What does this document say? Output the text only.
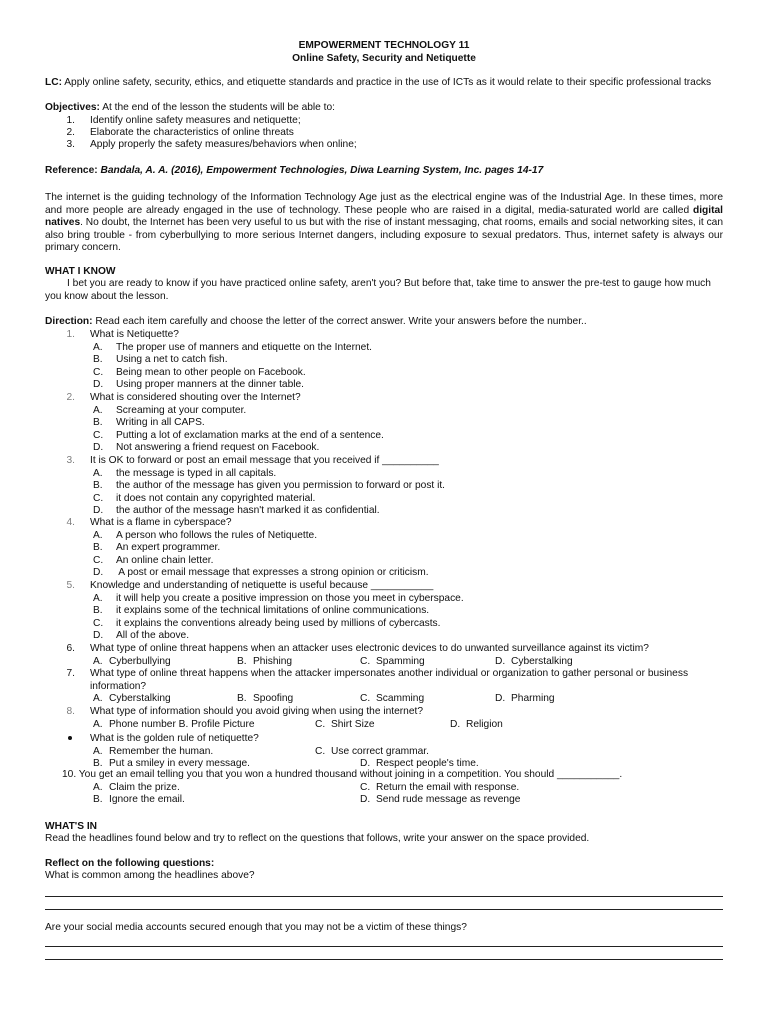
EMPOWERMENT TECHNOLOGY 11
Online Safety, Security and Netiquette
LC: Apply online safety, security, ethics, and etiquette standards and practice in the use of ICTs as it would relate to their specific professional tracks
Objectives: At the end of the lesson the students will be able to:
1. Identify online safety measures and netiquette;
2. Elaborate the characteristics of online threats
3. Apply properly the safety measures/behaviors when online;
Reference: Bandala, A. A. (2016), Empowerment Technologies, Diwa Learning System, Inc. pages 14-17
The internet is the guiding technology of the Information Technology Age just as the electrical engine was of the Industrial Age. In these times, more and more people are already engaged in the use of technology. These people who are raised in a digital, media-saturated world are called digital natives. No doubt, the Internet has been very useful to us but with the rise of instant messaging, chat rooms, emails and social networking sites, it can also bring trouble - from cyberbullying to more serious Internet dangers, including exposure to sexual predators. Thus, internet safety is always our primary concern.
WHAT I KNOW
I bet you are ready to know if you have practiced online safety, aren't you? But before that, take time to answer the pre-test to gauge how much you know about the lesson.
Direction: Read each item carefully and choose the letter of the correct answer. Write your answers before the number..
1. What is Netiquette?
A. The proper use of manners and etiquette on the Internet.
B. Using a net to catch fish.
C. Being mean to other people on Facebook.
D. Using proper manners at the dinner table.
2. What is considered shouting over the Internet?
A. Screaming at your computer.
B. Writing in all CAPS.
C. Putting a lot of exclamation marks at the end of a sentence.
D. Not answering a friend request on Facebook.
3. It is OK to forward or post an email message that you received if __________
A. the message is typed in all capitals.
B. the author of the message has given you permission to forward or post it.
C. it does not contain any copyrighted material.
D. the author of the message hasn't marked it as confidential.
4. What is a flame in cyberspace?
A. A person who follows the rules of Netiquette.
B. An expert programmer.
C. An online chain letter.
D. A post or email message that expresses a strong opinion or criticism.
5. Knowledge and understanding of netiquette is useful because ___________
A. it will help you create a positive impression on those you meet in cyberspace.
B. it explains some of the technical limitations of online communications.
C. it explains the conventions already being used by millions of cybercasts.
D. All of the above.
6. What type of online threat happens when an attacker uses electronic devices to do unwanted surveillance against its victim?
A. Cyberbullying	B. Phishing	C. Spamming	D. Cyberstalking
7. What type of online threat happens when the attacker impersonates another individual or organization to gather personal or business
information?
A. Cyberstalking	B. Spoofing	C. Scamming	D. Pharming
8. What type of information should you avoid giving when using the internet?
A. Phone number B. Profile Picture	C. Shirt Size	D. Religion
What is the golden rule of netiquette?
A. Remember the human.	C. Use correct grammar.
B. Put a smiley in every message.	D. Respect people's time.
10. You get an email telling you that you won a hundred thousand without joining in a competition. You should ___________.
A. Claim the prize.	C. Return the email with response.
B. Ignore the email.	D. Send rude message as revenge
WHAT'S IN
Read the headlines found below and try to reflect on the questions that follows, write your answer on the space provided.
Reflect on the following questions:
What is common among the headlines above?
Are your social media accounts secured enough that you may not be a victim of these things?
